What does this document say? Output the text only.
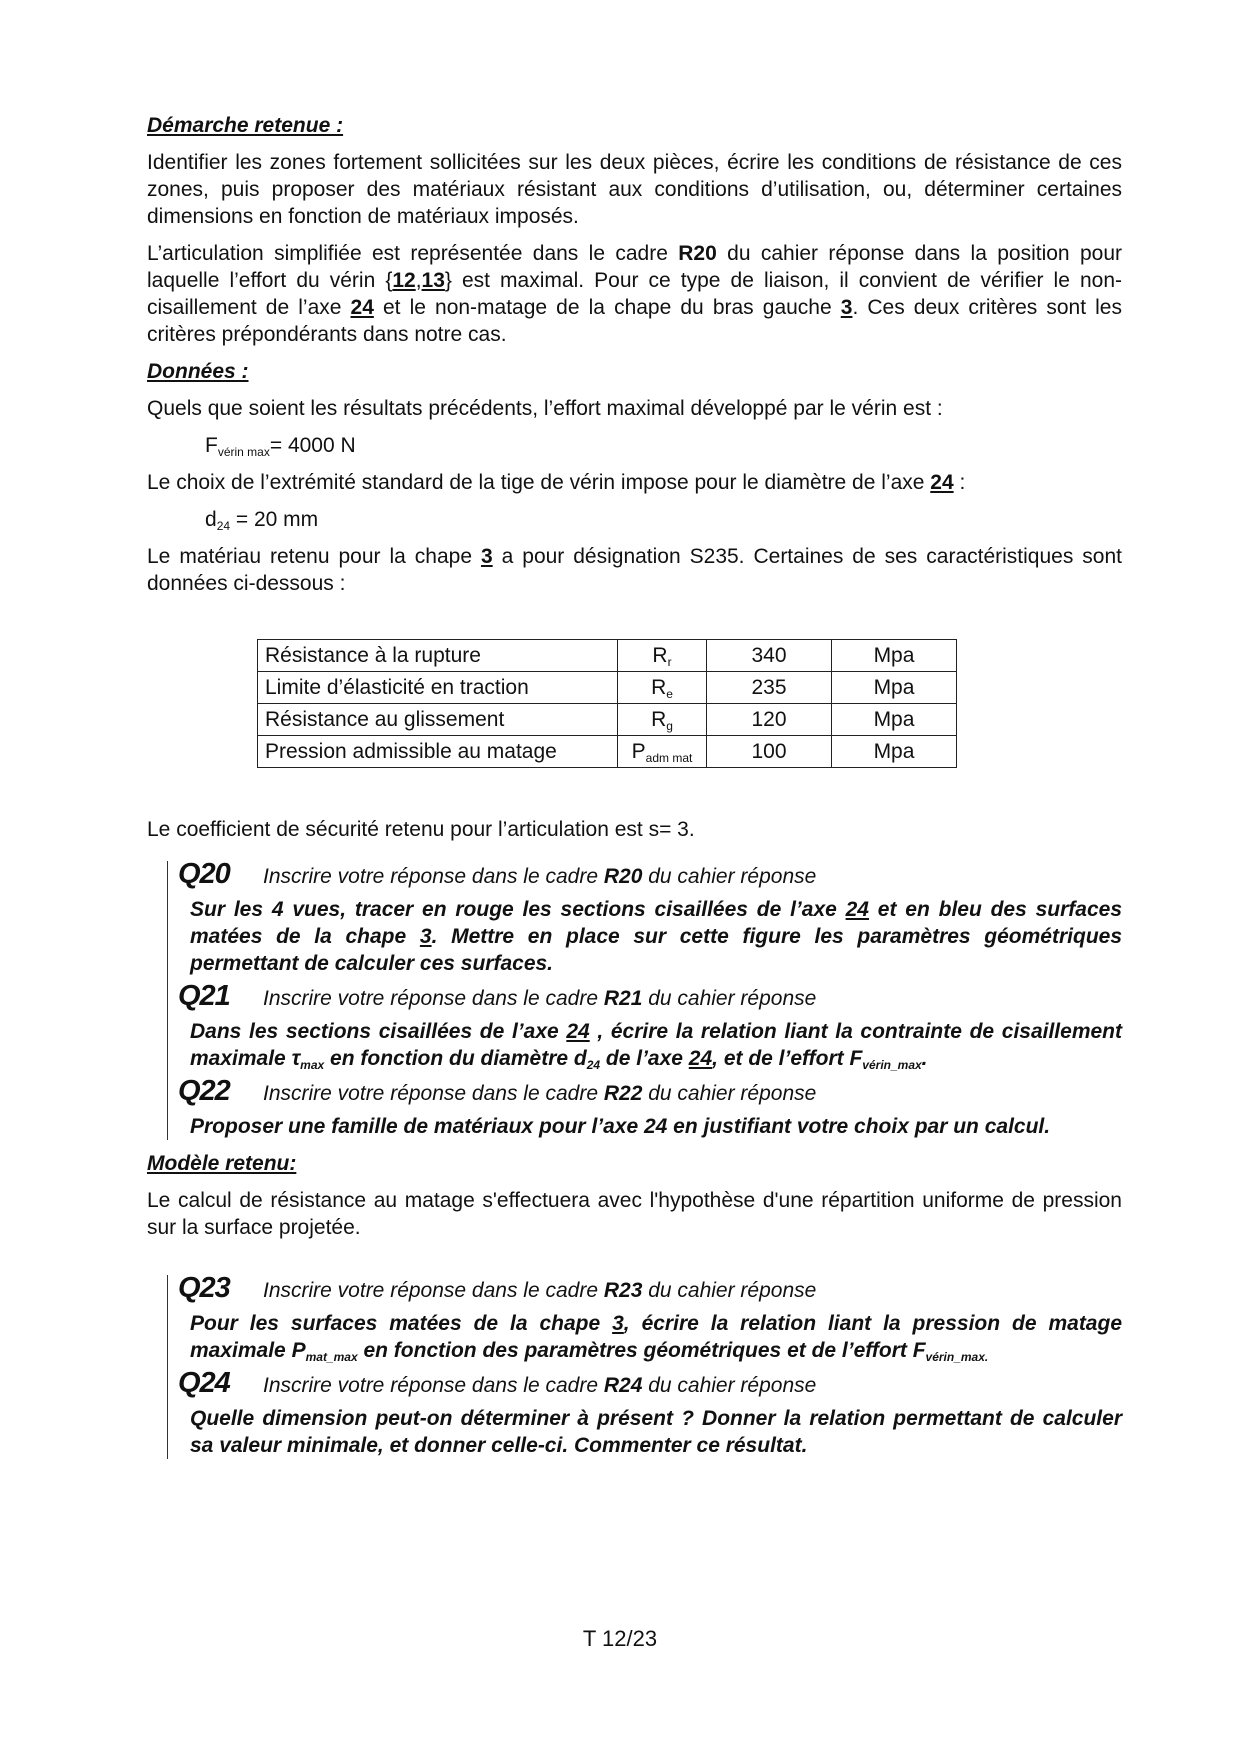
Démarche retenue :

Identifier les zones fortement sollicitées sur les deux pièces, écrire les conditions de résistance de ces zones, puis proposer des matériaux résistant aux conditions d’utilisation, ou, déterminer certaines dimensions en fonction de matériaux imposés.

L’articulation simplifiée est représentée dans le cadre R20 du cahier réponse dans la position pour laquelle l’effort du vérin {12,13} est maximal. Pour ce type de liaison, il convient de vérifier le non-cisaillement de l’axe 24 et le non-matage de la chape du bras gauche 3. Ces deux critères sont les critères prépondérants dans notre cas.

Données :

Quels que soient les résultats précédents, l’effort maximal développé par le vérin est :

$F_{vérin max}= 4000$ N

Le choix de l’extrémité standard de la tige de vérin impose pour le diamètre de l’axe 24 :

$d_{24} = 20$ mm

Le matériau retenu pour la chape 3 a pour désignation S235. Certaines de ses caractéristiques sont données ci-dessous :

Résistance à la rupture	$R_r$	340	Mpa
Limite d’élasticité en traction	$R_e$	235	Mpa
Résistance au glissement	$R_g$	120	Mpa
Pression admissible au matage	$P_{adm mat}$	100	Mpa

Le coefficient de sécurité retenu pour l’articulation est s= 3.

Q20	Inscrire votre réponse dans le cadre R20 du cahier réponse
Sur les 4 vues, tracer en rouge les sections cisaillées de l’axe 24 et en bleu des surfaces matées de la chape 3. Mettre en place sur cette figure les paramètres géométriques permettant de calculer ces surfaces.
Q21	Inscrire votre réponse dans le cadre R21 du cahier réponse
Dans les sections cisaillées de l’axe 24 , écrire la relation liant la contrainte de cisaillement maximale $\tau_{max}$ en fonction du diamètre $d_{24}$ de l’axe 24, et de l’effort $F_{vérin\_max}$.
Q22	Inscrire votre réponse dans le cadre R22 du cahier réponse
Proposer une famille de matériaux pour l’axe 24 en justifiant votre choix par un calcul.
Modèle retenu:

Le calcul de résistance au matage s'effectuera avec l'hypothèse d'une répartition uniforme de pression sur la surface projetée.

Q23	Inscrire votre réponse dans le cadre R23 du cahier réponse
Pour les surfaces matées de la chape 3, écrire la relation liant la pression de matage maximale $P_{mat\_max}$ en fonction des paramètres géométriques et de l’effort $F_{vérin\_max.}$
Q24	Inscrire votre réponse dans le cadre R24 du cahier réponse
Quelle dimension peut-on déterminer à présent ? Donner la relation permettant de calculer sa valeur minimale, et donner celle-ci. Commenter ce résultat.
T 12/23
